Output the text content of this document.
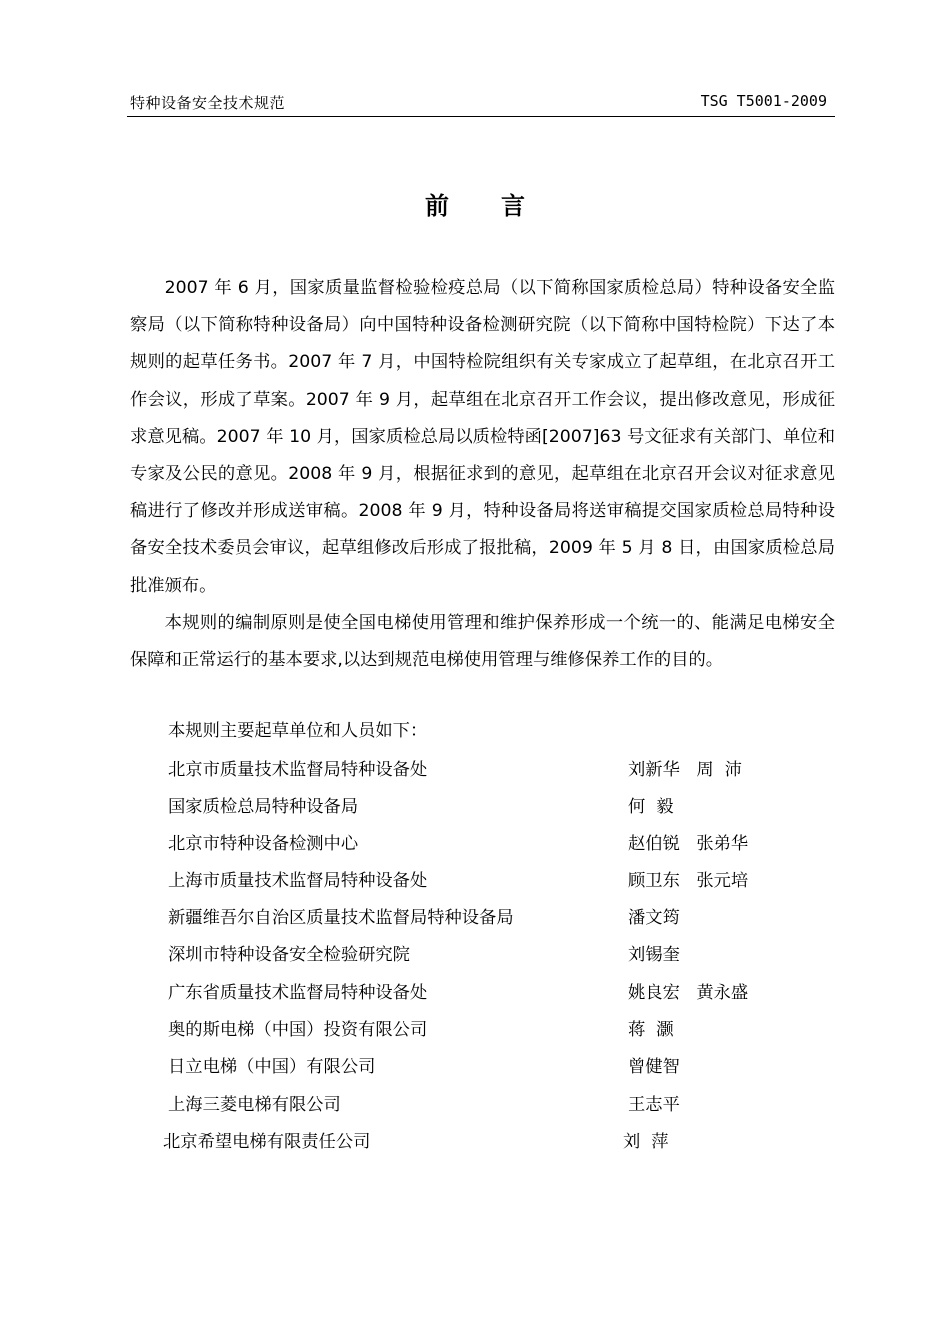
特种设备安全技术规范	TSG T5001-2009
前言

2007 年 6 月，国家质量监督检验检疫总局（以下简称国家质检总局）特种设备安全监察局（以下简称特种设备局）向中国特种设备检测研究院（以下简称中国特检院）下达了本规则的起草任务书。2007 年 7 月，中国特检院组织有关专家成立了起草组，在北京召开工作会议，形成了草案。2007 年 9 月，起草组在北京召开工作会议，提出修改意见，形成征求意见稿。2007 年 10 月，国家质检总局以质检特函[2007]63 号文征求有关部门、单位和专家及公民的意见。2008 年 9 月，根据征求到的意见，起草组在北京召开会议对征求意见稿进行了修改并形成送审稿。2008 年 9 月，特种设备局将送审稿提交国家质检总局特种设备安全技术委员会审议，起草组修改后形成了报批稿，2009 年 5 月 8 日，由国家质检总局批准颁布。

本规则的编制原则是使全国电梯使用管理和维护保养形成一个统一的、能满足电梯安全保障和正常运行的基本要求,以达到规范电梯使用管理与维修保养工作的目的。

本规则主要起草单位和人员如下：
北京市质量技术监督局特种设备处	刘新华   周  沛
国家质检总局特种设备局	何  毅
北京市特种设备检测中心	赵伯锐   张弟华
上海市质量技术监督局特种设备处	顾卫东   张元培
新疆维吾尔自治区质量技术监督局特种设备局	潘文筠
深圳市特种设备安全检验研究院	刘锡奎
广东省质量技术监督局特种设备处	姚良宏   黄永盛
奥的斯电梯（中国）投资有限公司	蒋  灏
日立电梯（中国）有限公司	曾健智
上海三菱电梯有限公司	王志平
北京希望电梯有限责任公司	刘  萍
